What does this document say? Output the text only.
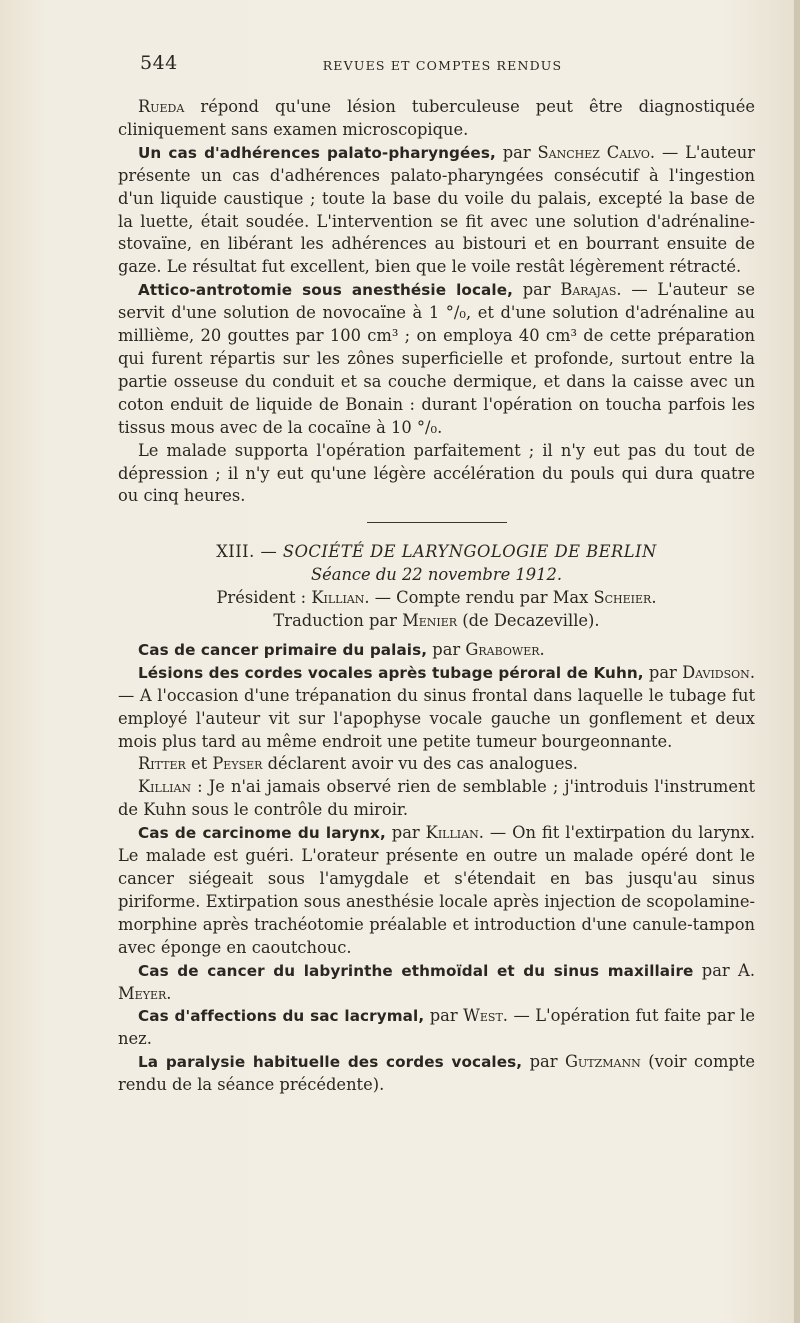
544	REVUES ET COMPTES RENDUS

Rueda répond qu'une lésion tuberculeuse peut être diagnostiquée cliniquement sans examen microscopique.

Un cas d'adhérences palato-pharyngées, par Sanchez Calvo. — L'auteur présente un cas d'adhérences palato-pharyngées consécutif à l'ingestion d'un liquide caustique ; toute la base du voile du palais, excepté la base de la luette, était soudée. L'intervention se fit avec une solution d'adrénaline-stovaïne, en libérant les adhérences au bistouri et en bourrant ensuite de gaze. Le résultat fut excellent, bien que le voile restât légèrement rétracté.

Attico-antrotomie sous anesthésie locale, par Barajas. — L'auteur se servit d'une solution de novocaïne à 1 °/₀, et d'une solution d'adrénaline au millième, 20 gouttes par 100 cm³ ; on employa 40 cm³ de cette préparation qui furent répartis sur les zônes superficielle et profonde, surtout entre la partie osseuse du conduit et sa couche dermique, et dans la caisse avec un coton enduit de liquide de Bonain : durant l'opération on toucha parfois les tissus mous avec de la cocaïne à 10 °/₀.

Le malade supporta l'opération parfaitement ; il n'y eut pas du tout de dépression ; il n'y eut qu'une légère accélération du pouls qui dura quatre ou cinq heures.

XIII. — SOCIÉTÉ DE LARYNGOLOGIE DE BERLIN

Séance du 22 novembre 1912.

Président : Killian. — Compte rendu par Max Scheier.

Traduction par Menier (de Decazeville).

Cas de cancer primaire du palais, par Grabower.

Lésions des cordes vocales après tubage péroral de Kuhn, par Davidson. — A l'occasion d'une trépanation du sinus frontal dans laquelle le tubage fut employé l'auteur vit sur l'apophyse vocale gauche un gonflement et deux mois plus tard au même endroit une petite tumeur bourgeonnante.

Ritter et Peyser déclarent avoir vu des cas analogues.

Killian : Je n'ai jamais observé rien de semblable ; j'introduis l'instrument de Kuhn sous le contrôle du miroir.

Cas de carcinome du larynx, par Killian. — On fit l'extirpation du larynx. Le malade est guéri. L'orateur présente en outre un malade opéré dont le cancer siégeait sous l'amygdale et s'étendait en bas jusqu'au sinus piriforme. Extirpation sous anesthésie locale après injection de scopolamine-morphine après trachéotomie préalable et introduction d'une canule-tampon avec éponge en caoutchouc.

Cas de cancer du labyrinthe ethmoïdal et du sinus maxillaire par A. Meyer.

Cas d'affections du sac lacrymal, par West. — L'opération fut faite par le nez.

La paralysie habituelle des cordes vocales, par Gutzmann (voir compte rendu de la séance précédente).
